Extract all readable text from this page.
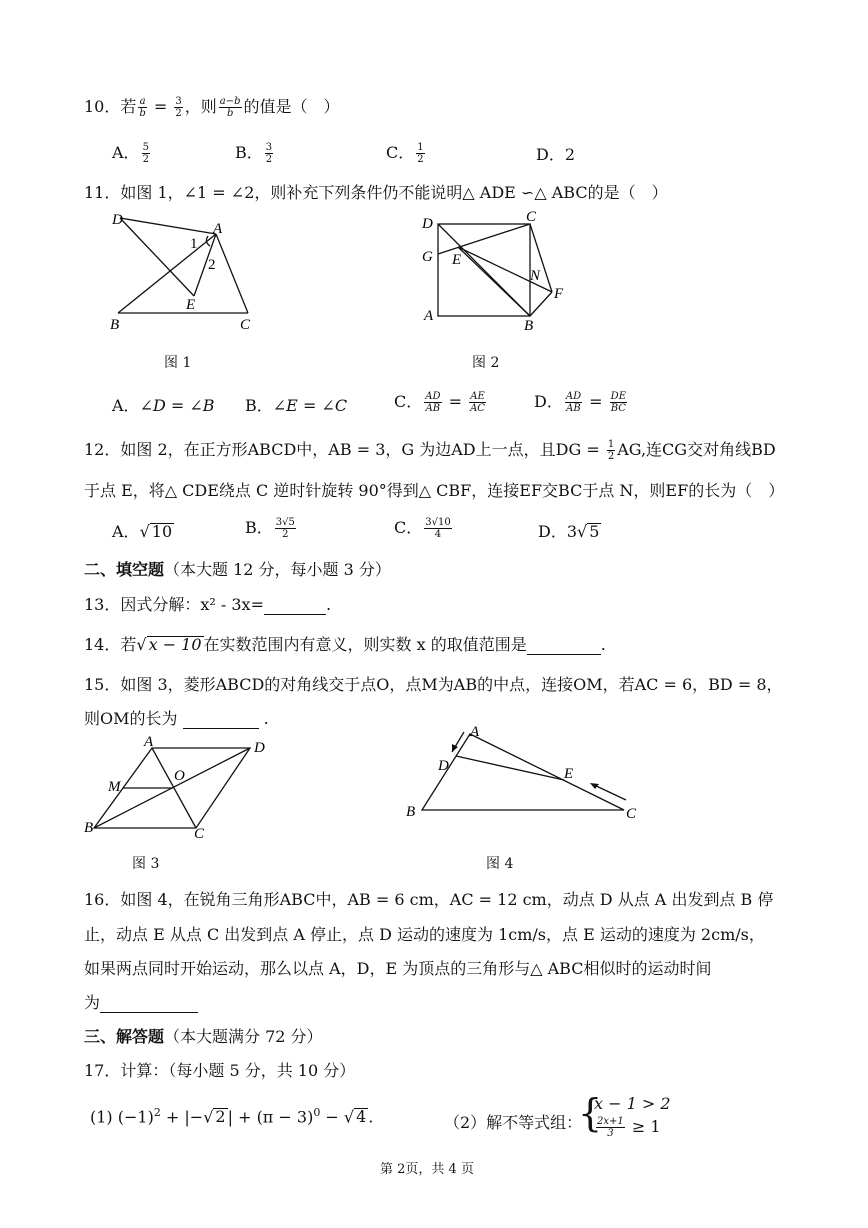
10．若 $\frac{a}{b} = \frac{3}{2}$ ，则 $\frac{a-b}{b}$ 的值是（　）
A． $\frac{5}{2}$	B． $\frac{3}{2}$	C． $\frac{1}{2}$	D．2
11．如图 1，∠1 = ∠2，则补充下列条件仍不能说明△ ADE ∽△ ABC的是（　）
D
A
B	C
E
1
2
图 1
D	C
G E
N
F
A
B
图 2
A．∠D = ∠B B．∠E = ∠C	C． $\frac{AD}{AB} = \frac{AE}{AC}$	D． $\frac{AD}{AB} = \frac{DE}{BC}$
12．如图 2，在正方形ABCD中，AB = 3，G 为边AD上一点，且DG = $\frac{1}{2}$ AG,连CG交对角线BD
于点 E，将△ CDE绕点 C 逆时针旋转 90°得到△ CBF，连接EF交BC于点 N，则EF的长为（　）
A．√ 10	B． $\frac{3√5}{2}$	C． $\frac{3√10}{4}$	D．3√ 5
二、填空题（本大题 12 分，每小题 3 分）
13．因式分解：x² - 3x=	.
14．若√ x − 10 在实数范围内有意义，则实数 x 的取值范围是	.
15．如图 3，菱形ABCD的对角线交于点O，点M为AB的中点，连接OM，若AC = 6，BD = 8，
则OM的长为	.
A	D
M
O
B	C
图 3
A
D	E
B	C
图 4
16．如图 4，在锐角三角形ABC中，AB = 6 cm，AC = 12 cm，动点 D 从点 A 出发到点 B 停
止，动点 E 从点 C 出发到点 A 停止，点 D 运动的速度为 1cm/s，点 E 运动的速度为 2cm/s，
如果两点同时开始运动，那么以点 A，D，E 为顶点的三角形与△ ABC相似时的运动时间
为
三、解答题（本大题满分 72 分）
17．计算：（每小题 5 分，共 10 分）
(1) $(-1)^2$ + |−√ 2 | + $(\pi - 3)^0$ − √ 4 .	（2）解不等式组：
{
x − 1 > 2
$\frac{2x+1}{3} \ge 1$
第 2页，共 4 页
